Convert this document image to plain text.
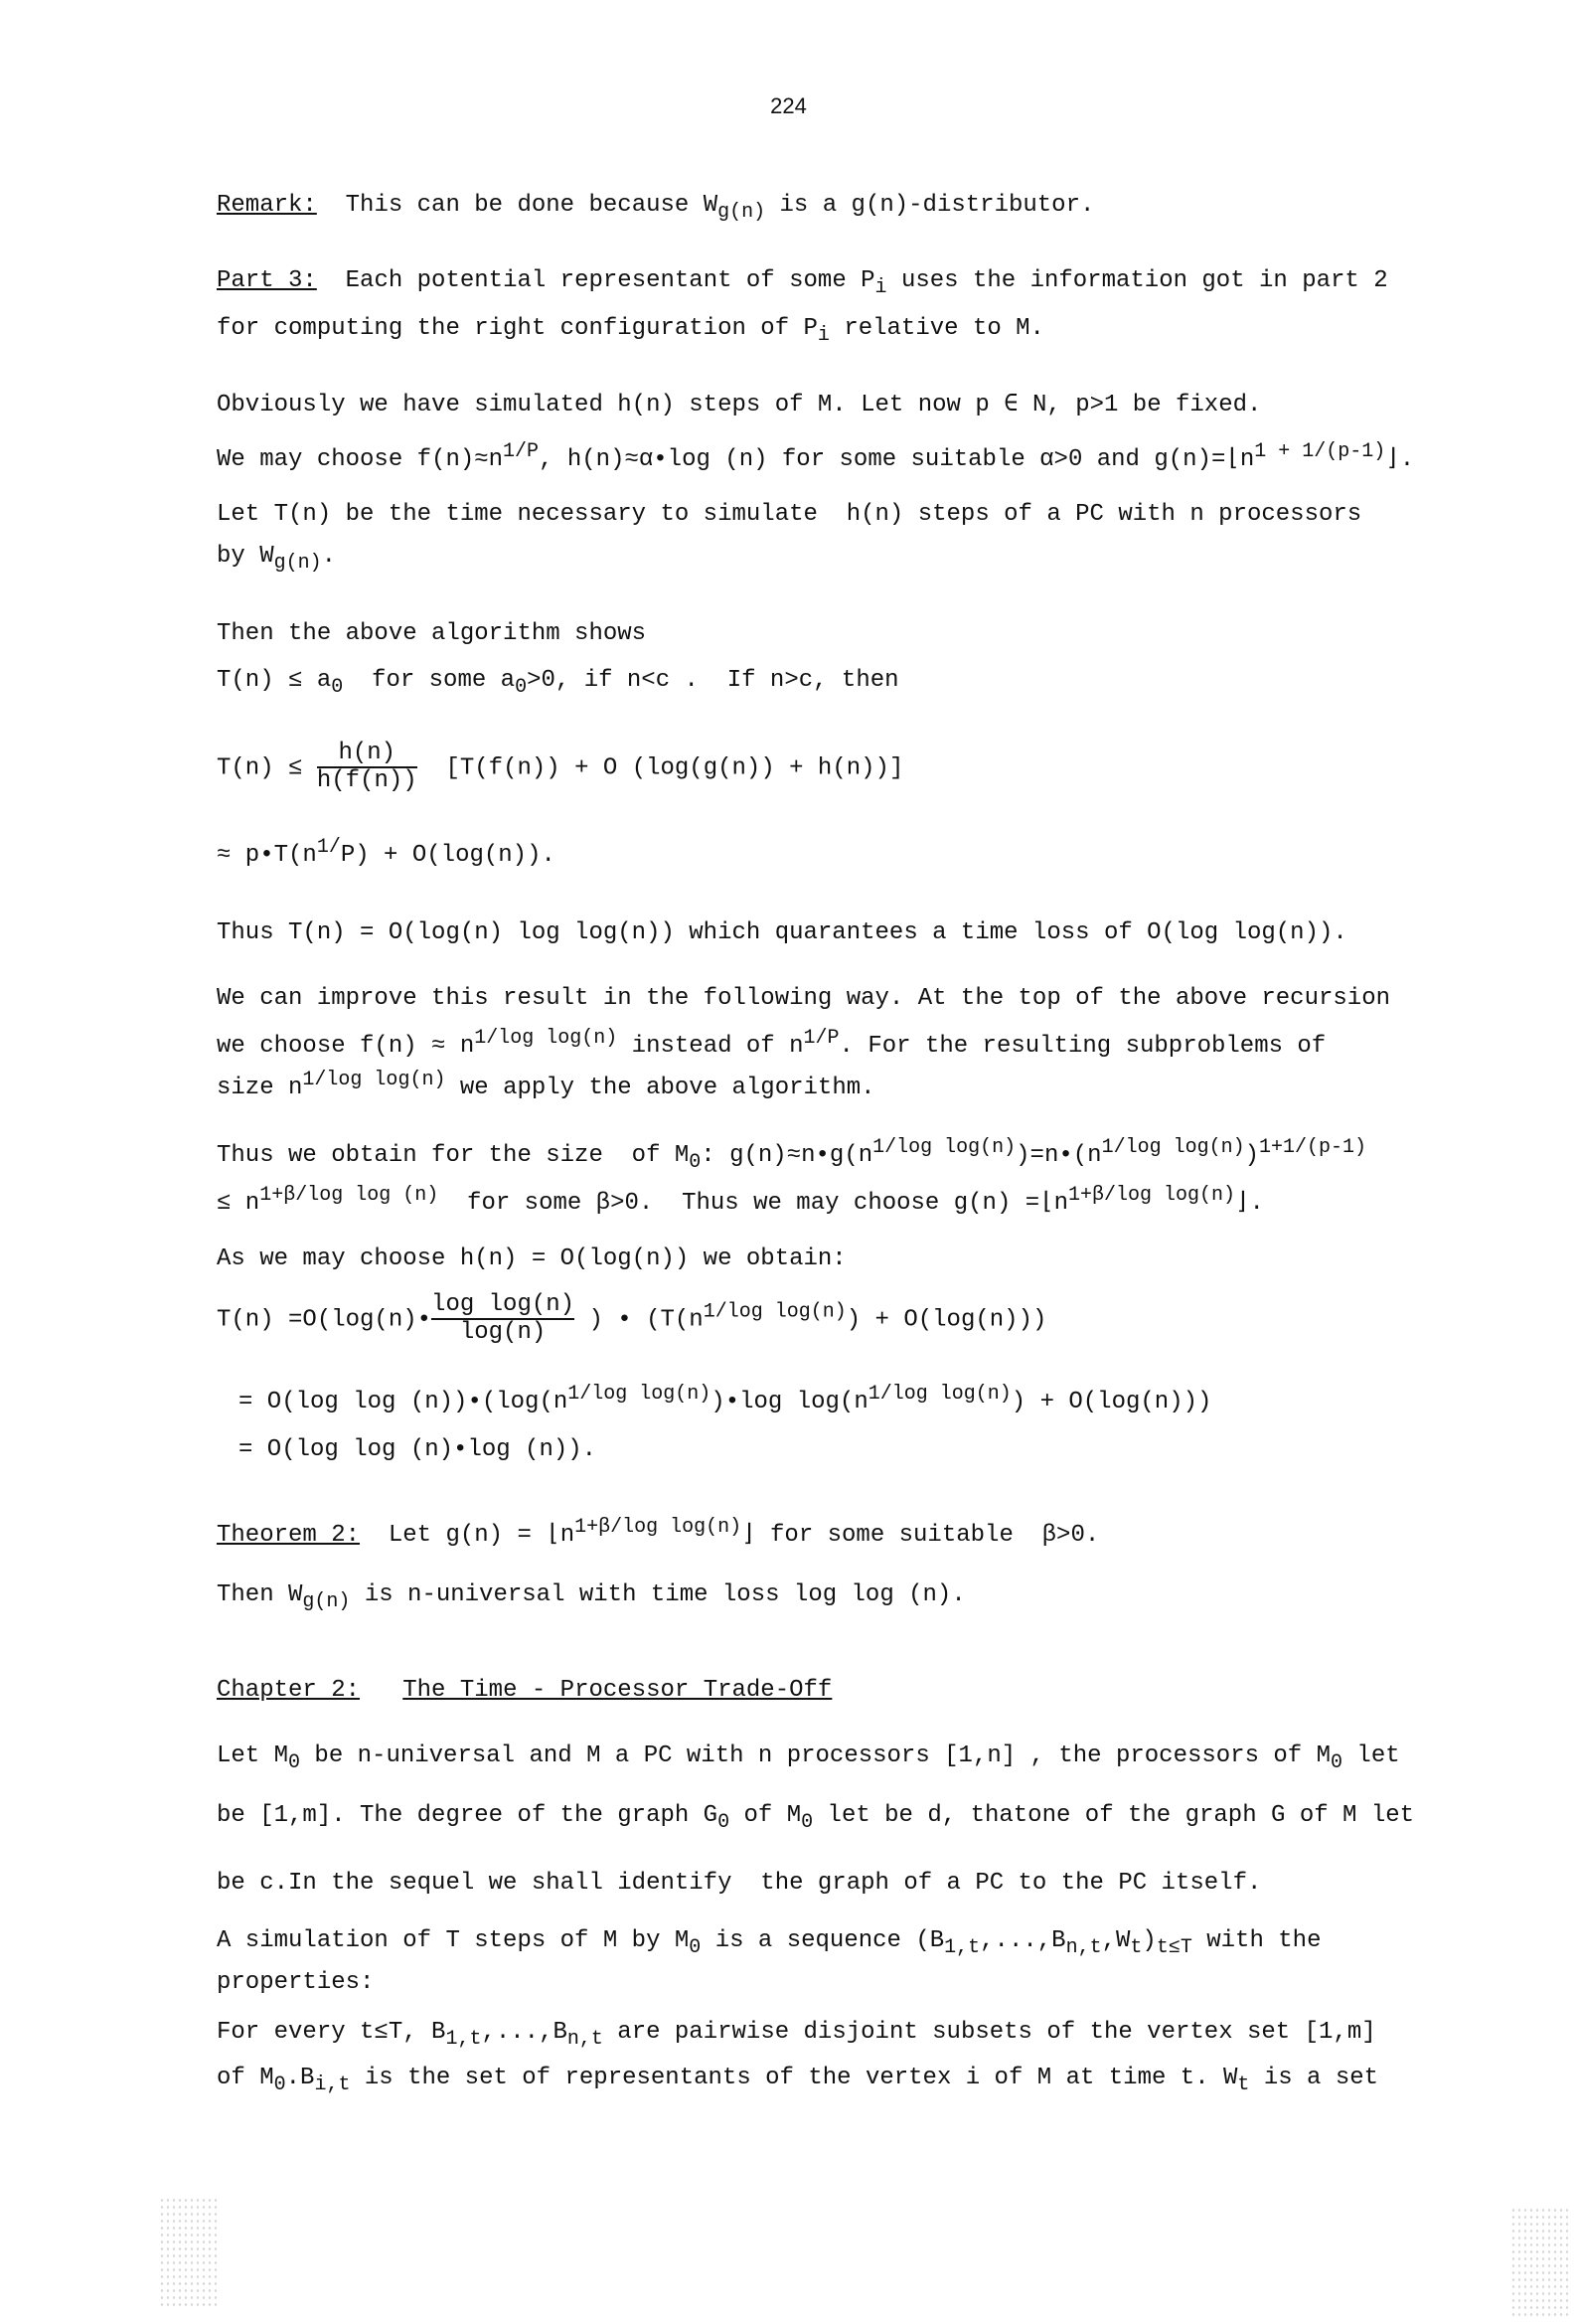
224
Remark: This can be done because $W_{g(n)}$ is a g(n)-distributor.
Part 3: Each potential representant of some $P_i$ uses the information got in part 2
for computing the right configuration of $P_i$ relative to M.
Obviously we have simulated h(n) steps of M. Let now p ∈ N, p>1 be fixed.
We may choose $f(n)\approx n^{1/P}$, h(n)≈α•log (n) for some suitable α>0 and $g(n)=⌊n^{1 + 1/(p-1)}⌋$.
Let T(n) be the time necessary to simulate  h(n) steps of a PC with n processors
by $W_{g(n)}$.
Then the above algorithm shows
$T(n) \le a_0$  for some $a_0>0$, if n<c .  If n>c, then
$T(n) \le \frac{h(n)}{h(f(n))} [T(f(n)) + O$ (log(g(n)) + h(n))]
≈ $p•T(n^{1/}P) + O(\log(n))$.
Thus T(n) = O(log(n) log log(n)) which quarantees a time loss of O(log log(n)).
We can improve this result in the following way. At the top of the above recursion
we choose $f(n) \approx n^{1/log log(n)}$ instead of $n^{1/P}$. For the resulting subproblems of
size $n^{1/log log(n)}$ we apply the above algorithm.
Thus we obtain for the size  of $M_0$: $g(n)\approx n•g(n^{1/log log(n)})=n•(n^{1/log log(n)})^{1+1/(p-1)}$
≤ $n^{1+\beta/log log (n)}$  for some β>0.  Thus we may choose $g(n) =⌊n^{1+\beta/log log(n)}⌋$.
As we may choose h(n) = O(log(n)) we obtain:
T(n) =O(log(n)• $\frac{\text{log log(n)}}{\log(n)}$ ) • $(T(n^{1/log log(n)}) + O(\log(n)))$
= O(log $\log (n))•(\log(n^{1/log log(n)})•\log$ $\log(n^{1/log log(n)}) + O(\log(n))$)
= O(log log (n)•log (n)).
Theorem 2: Let $g(n) = ⌊n^{1+\beta/log log(n)}⌋$ for some suitable  β>0.
Then $W_{g(n)}$ is n-universal with time loss log log (n).
Chapter 2: The Time - Processor Trade-Off
Let $M_0$ be n-universal and M a PC with n processors [1,n] , the processors of $M_0$ let
be [1,m]. The degree of the graph $G_0$ of $M_0$ let be d, thatone of the graph G of M let
be c.In the sequel we shall identify  the graph of a PC to the PC itself.
A simulation of T steps of M by $M_0$ is a sequence $(B_{1,t},...,B_{n,t},W_t)_{t\le T}$ with the
properties:
For every t≤T, $B_{1,t},...,B_{n,t}$ are pairwise disjoint subsets of the vertex set [1,m]
of $M_0.B_{i,t}$ is the set of representants of the vertex i of M at time t. $W_t$ is a set
